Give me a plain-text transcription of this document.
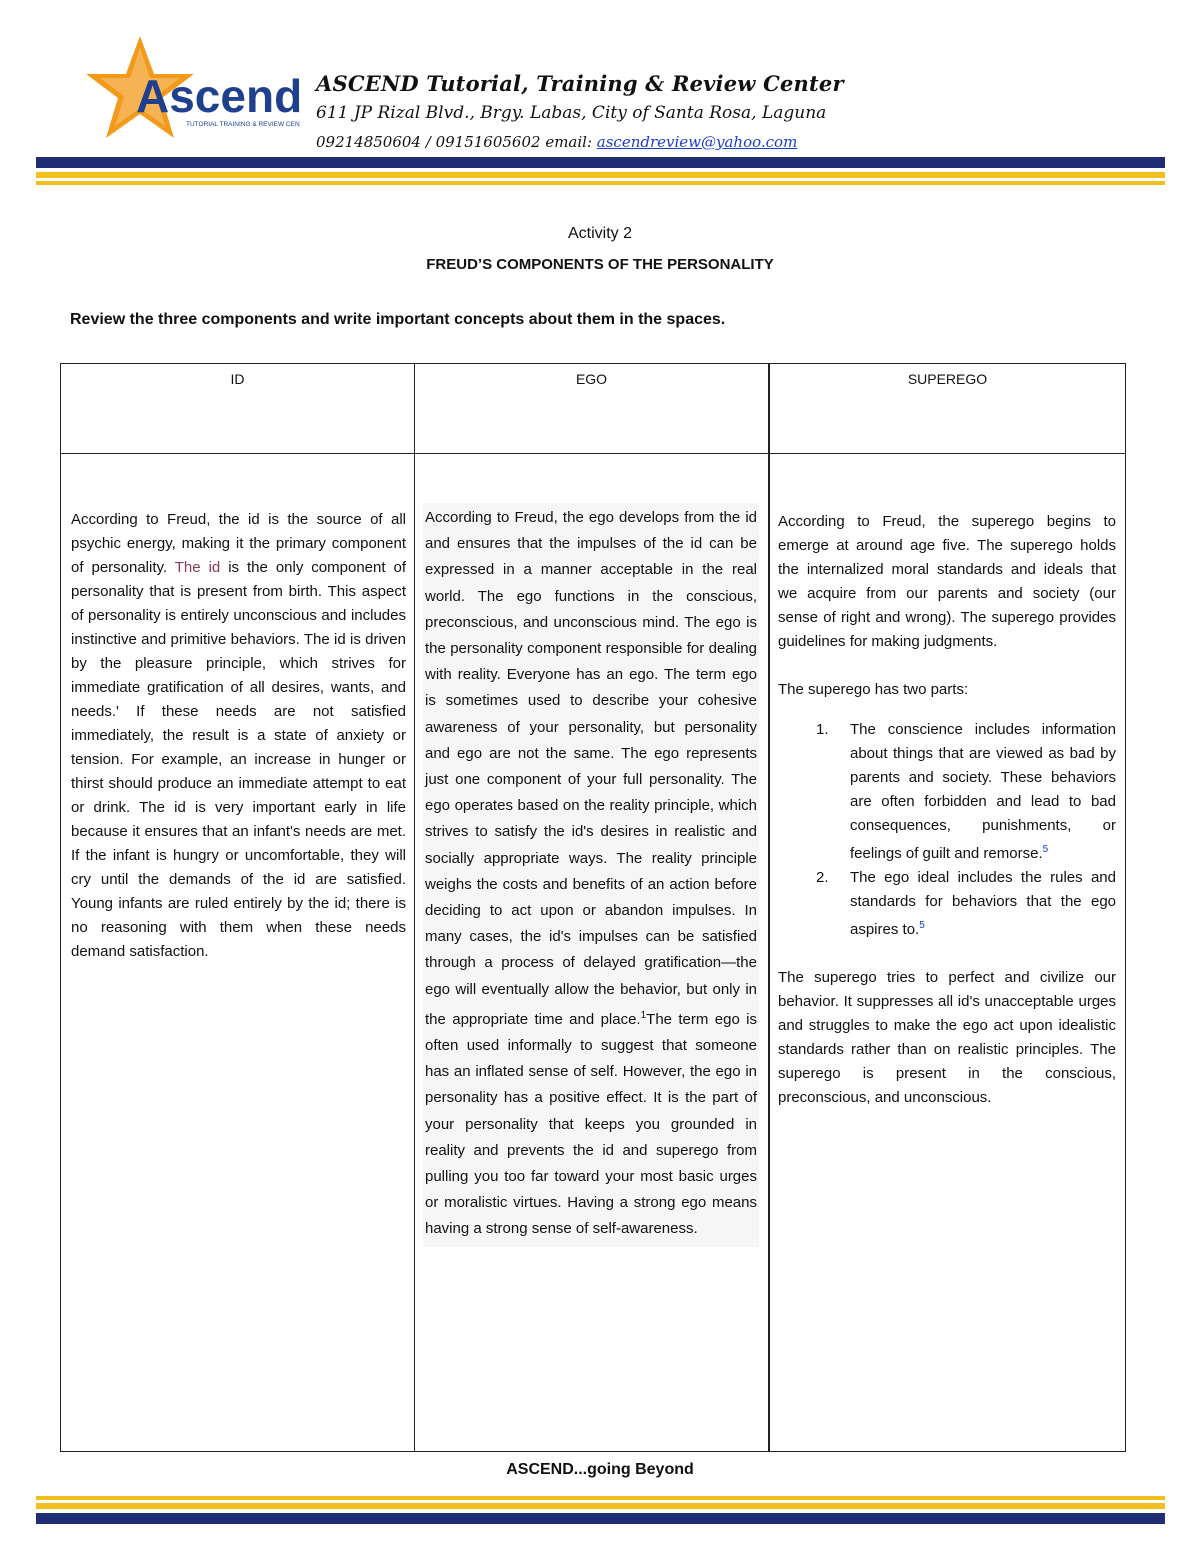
Ascend
TUTORIAL TRAINING & REVIEW CENTER
ASCEND Tutorial, Training & Review Center
611 JP Rizal Blvd., Brgy. Labas, City of Santa Rosa, Laguna
09214850604 / 09151605602 email: ascendreview@yahoo.com
Activity 2
FREUD’S COMPONENTS OF THE PERSONALITY
Review the three components and write important concepts about them in the spaces.
ID	EGO	SUPEREGO

According to Freud, the id is the source of all psychic energy, making it the primary component of personality. The id is the only component of personality that is present from birth. This aspect of personality is entirely unconscious and includes instinctive and primitive behaviors. The id is driven by the pleasure principle, which strives for immediate gratification of all desires, wants, and needs.' If these needs are not satisfied immediately, the result is a state of anxiety or tension. For example, an increase in hunger or thirst should produce an immediate attempt to eat or drink. The id is very important early in life because it ensures that an infant's needs are met. If the infant is hungry or uncomfortable, they will cry until the demands of the id are satisfied. Young infants are ruled entirely by the id; there is no reasoning with them when these needs demand satisfaction.

According to Freud, the ego develops from the id and ensures that the impulses of the id can be expressed in a manner acceptable in the real world. The ego functions in the conscious, preconscious, and unconscious mind. The ego is the personality component responsible for dealing with reality. Everyone has an ego. The term ego is sometimes used to describe your cohesive awareness of your personality, but personality and ego are not the same. The ego represents just one component of your full personality. The ego operates based on the reality principle, which strives to satisfy the id's desires in realistic and socially appropriate ways. The reality principle weighs the costs and benefits of an action before deciding to act upon or abandon impulses. In many cases, the id's impulses can be satisfied through a process of delayed gratification—the ego will eventually allow the behavior, but only in the appropriate time and place.$^1$The term ego is often used informally to suggest that someone has an inflated sense of self. However, the ego in personality has a positive effect. It is the part of your personality that keeps you grounded in reality and prevents the id and superego from pulling you too far toward your most basic urges or moralistic virtues. Having a strong ego means having a strong sense of self-awareness.

According to Freud, the superego begins to emerge at around age five. The superego holds the internalized moral standards and ideals that we acquire from our parents and society (our sense of right and wrong). The superego provides guidelines for making judgments.

The superego has two parts:

1. The conscience includes information about things that are viewed as bad by parents and society. These behaviors are often forbidden and lead to bad consequences, punishments, or feelings of guilt and remorse.$^5$
2. The ego ideal includes the rules and standards for behaviors that the ego aspires to.$^5$

The superego tries to perfect and civilize our behavior. It suppresses all id's unacceptable urges and struggles to make the ego act upon idealistic standards rather than on realistic principles. The superego is present in the conscious, preconscious, and unconscious.

ASCEND...going Beyond
